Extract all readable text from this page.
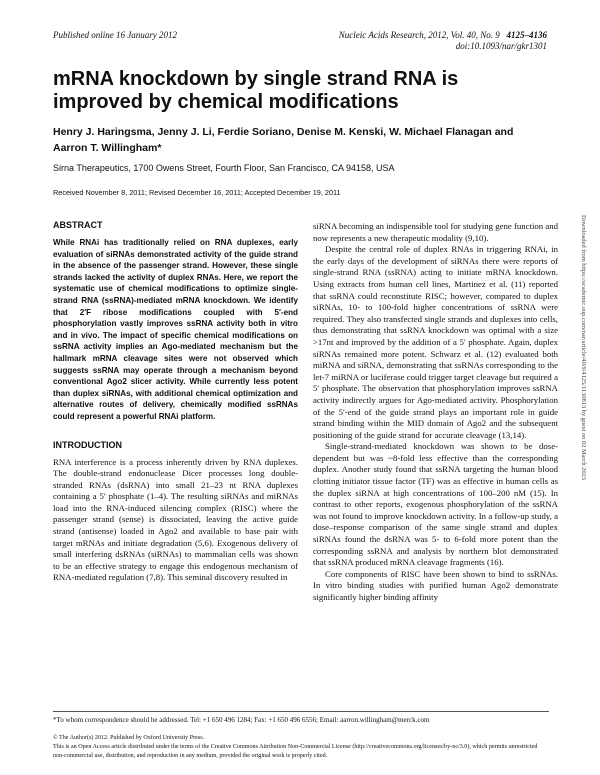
Published online 16 January 2012	Nucleic Acids Research, 2012, Vol. 40, No. 9 4125–4136
doi:10.1093/nar/gkr1301
mRNA knockdown by single strand RNA is improved by chemical modifications
Henry J. Haringsma, Jenny J. Li, Ferdie Soriano, Denise M. Kenski, W. Michael Flanagan and Aarron T. Willingham*
Sirna Therapeutics, 1700 Owens Street, Fourth Floor, San Francisco, CA 94158, USA
Received November 8, 2011; Revised December 16, 2011; Accepted December 19, 2011
ABSTRACT

While RNAi has traditionally relied on RNA duplexes, early evaluation of siRNAs demonstrated activity of the guide strand in the absence of the passenger strand. However, these single strands lacked the activity of duplex RNAs. Here, we report the systematic use of chemical modifications to optimize single-strand RNA (ssRNA)-mediated mRNA knockdown. We identify that 2′F ribose modifications coupled with 5′-end phosphorylation vastly improves ssRNA activity both in vitro and in vivo. The impact of specific chemical modifications on ssRNA activity implies an Ago-mediated mechanism but the hallmark mRNA cleavage sites were not observed which suggests ssRNA may operate through a mechanism beyond conventional Ago2 slicer activity. While currently less potent than duplex siRNAs, with additional chemical optimization and alternative routes of delivery, chemically modified ssRNAs could represent a powerful RNAi platform.

INTRODUCTION

RNA interference is a process inherently driven by RNA duplexes. The double-strand endonuclease Dicer processes long double-stranded RNAs (dsRNA) into small 21–23 nt RNA duplexes containing a 5′ phosphate (1–4). The resulting siRNAs and miRNAs load into the RNA-induced silencing complex (RISC) where the passenger strand (sense) is dissociated, leaving the active guide strand (antisense) loaded in Ago2 and available to base pair with target mRNAs and initiate degradation (5,6). Exogenous delivery of small interfering dsRNAs (siRNAs) to mammalian cells was shown to be an effective strategy to engage this endogenous mechanism of RNA-mediated regulation (7,8). This seminal discovery resulted in

siRNA becoming an indispensible tool for studying gene function and now represents a new therapeutic modality (9,10).

Despite the central role of duplex RNAs in triggering RNAi, in the early days of the development of siRNAs there were reports of single-strand RNA (ssRNA) acting to initiate mRNA knockdown. Using extracts from human cell lines, Martinez et al. (11) reported that ssRNA could reconstitute RISC; however, compared to duplex siRNAs, 10- to 100-fold higher concentrations of ssRNA were required. They also transfected single strands and duplexes into cells, thus demonstrating that ssRNA knockdown was optimal with a size >17nt and improved by the addition of a 5′ phosphate. Again, duplex siRNAs remained more potent. Schwarz et al. (12) evaluated both miRNA and siRNA, demonstrating that ssRNAs corresponding to the let-7 miRNA or luciferase could trigger target cleavage but required a 5′ phosphate. The observation that phosphorylation improves ssRNA activity indirectly argues for Ago-mediated activity. Phosphorylation of the 5′-end of the guide strand plays an important role in guide strand binding within the MID domain of Ago2 and the subsequent positioning of the guide strand for accurate cleavage (13,14).

Single-strand-mediated knockdown was shown to be dose-dependent but was ~8-fold less effective than the corresponding duplex. Another study found that ssRNA targeting the human blood clotting initiator tissue factor (TF) was as effective in human cells as the duplex siRNA at high concentrations of 100–200 nM (15). In contrast to other reports, exogenous phosphorylation of the ssRNA was not found to improve knockdown activity. In a follow-up study, a dose–response comparison of the same single strand and duplex siRNAs found the dsRNA was 5- to 6-fold more potent than the corresponding ssRNA and analysis by northern blot demonstrated that ssRNA produced mRNA cleavage fragments (16).

Core components of RISC have been shown to bind to ssRNAs. In vitro binding studies with purified human Ago2 demonstrate significantly higher binding affinity

*To whom correspondence should be addressed. Tel: +1 650 496 1284; Fax: +1 650 496 6556; Email: aarron.willingham@merck.com
© The Author(s) 2012. Published by Oxford University Press.
This is an Open Access article distributed under the terms of the Creative Commons Attribution Non-Commercial License (http://creativecommons.org/licenses/by-nc/3.0), which permits unrestricted non-commercial use, distribution, and reproduction in any medium, provided the original work is properly cited.
Downloaded from https://academic.oup.com/nar/article/40/9/4125/1130813 by guest on 02 March 2023
